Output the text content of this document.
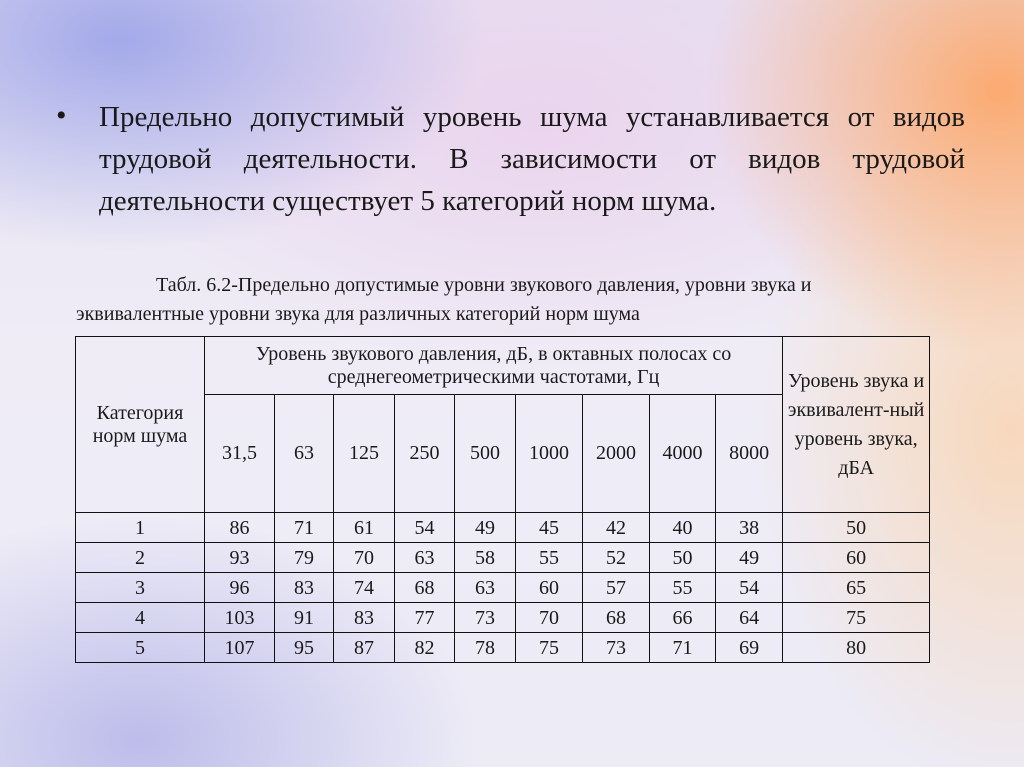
• Предельно допустимый уровень шума устанавливается от видов трудовой деятельности. В зависимости от видов трудовой деятельности существует 5 категорий норм шума.
Табл. 6.2-Предельно допустимые уровни звукового давления, уровни звука и эквивалентные уровни звука для различных категорий норм шума
Категория норм шума	Уровень звукового давления, дБ, в октавных полосах со среднегеометрическими частотами, Гц									Уровень звука и эквивалент-ный уровень звука, дБА
	31,5	63	125	250	500	1000	2000	4000	8000	
1	86	71	61	54	49	45	42	40	38	50
2	93	79	70	63	58	55	52	50	49	60
3	96	83	74	68	63	60	57	55	54	65
4	103	91	83	77	73	70	68	66	64	75
5	107	95	87	82	78	75	73	71	69	80
